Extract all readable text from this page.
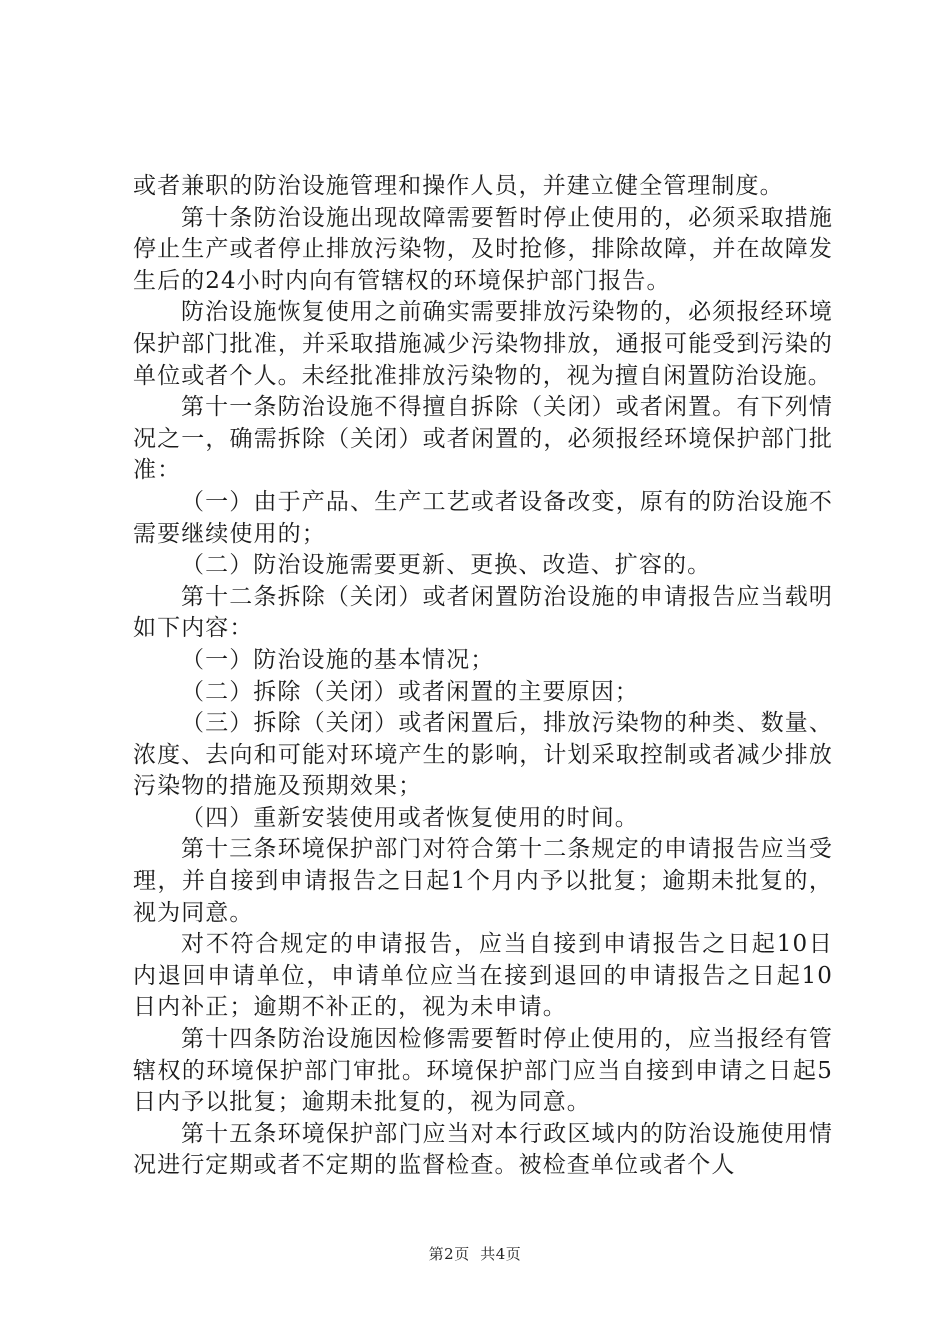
或者兼职的防治设施管理和操作人员，并建立健全管理制度。

第十条防治设施出现故障需要暂时停止使用的，必须采取措施停止生产或者停止排放污染物，及时抢修，排除故障，并在故障发生后的24小时内向有管辖权的环境保护部门报告。

防治设施恢复使用之前确实需要排放污染物的，必须报经环境保护部门批准，并采取措施减少污染物排放，通报可能受到污染的单位或者个人。未经批准排放污染物的，视为擅自闲置防治设施。

第十一条防治设施不得擅自拆除（关闭）或者闲置。有下列情况之一，确需拆除（关闭）或者闲置的，必须报经环境保护部门批准：

（一）由于产品、生产工艺或者设备改变，原有的防治设施不需要继续使用的；

（二）防治设施需要更新、更换、改造、扩容的。

第十二条拆除（关闭）或者闲置防治设施的申请报告应当载明如下内容：

（一）防治设施的基本情况；

（二）拆除（关闭）或者闲置的主要原因；

（三）拆除（关闭）或者闲置后，排放污染物的种类、数量、浓度、去向和可能对环境产生的影响，计划采取控制或者减少排放污染物的措施及预期效果；

（四）重新安装使用或者恢复使用的时间。

第十三条环境保护部门对符合第十二条规定的申请报告应当受理，并自接到申请报告之日起1个月内予以批复；逾期未批复的，视为同意。

对不符合规定的申请报告，应当自接到申请报告之日起10日内退回申请单位，申请单位应当在接到退回的申请报告之日起10日内补正；逾期不补正的，视为未申请。

第十四条防治设施因检修需要暂时停止使用的，应当报经有管辖权的环境保护部门审批。环境保护部门应当自接到申请之日起5日内予以批复；逾期未批复的，视为同意。

第十五条环境保护部门应当对本行政区域内的防治设施使用情况进行定期或者不定期的监督检查。被检查单位或者个人

第2页 共4页
